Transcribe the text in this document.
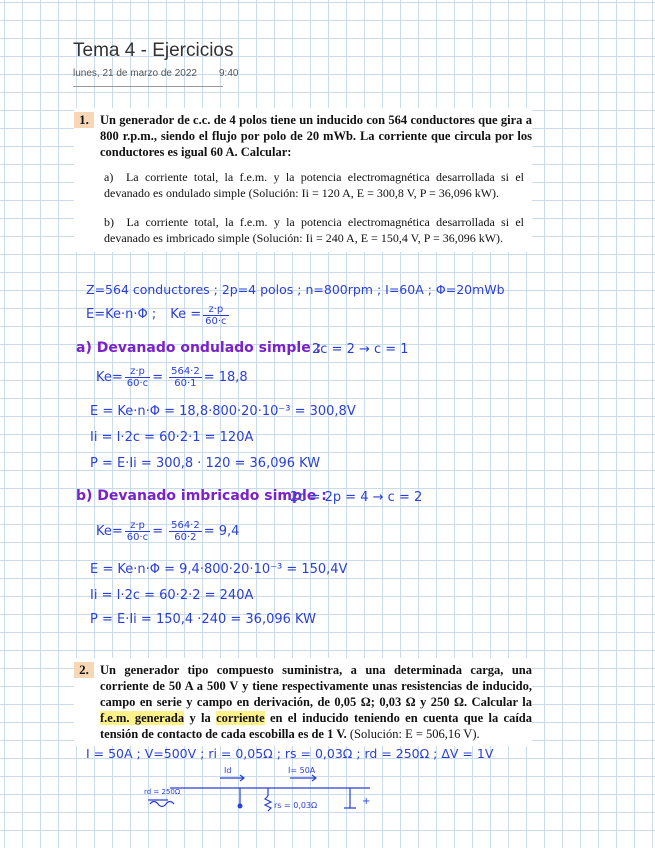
Tema 4 - Ejercicios
lunes, 21 de marzo de 2022 9:40
1. Un generador de c.c. de 4 polos tiene un inducido con 564 conductores que gira a 800 r.p.m., siendo el flujo por polo de 20 mWb. La corriente que circula por los conductores es igual 60 A. Calcular:
a)  La corriente total, la f.e.m. y la potencia electromagnética desarrollada si el devanado es ondulado simple (Solución: Ii = 120 A, E = 300,8 V, P = 36,096 kW).
b)  La corriente total, la f.e.m. y la potencia electromagnética desarrollada si el devanado es imbricado simple (Solución: Ii = 240 A, E = 150,4 V, P = 36,096 kW).
Z=564 conductores ; 2p=4 polos ; n=800rpm ; I=60A ; Φ=20mWb
E=Ke·n·Φ ; $Ke = \frac{z\cdot p}{60\cdot c}$
a) Devanado ondulado simple :
2c = 2 → c = 1
$Ke= \frac{z\cdot p}{60\cdot c} = \frac{564\cdot 2}{60\cdot 1} = 18,8$
E = Ke·n·Φ = 18,8·800·20·10⁻³ = 300,8V
Ii = I·2c = 60·2·1 = 120A
P = E·Ii = 300,8 · 120 = 36,096 KW
b) Devanado imbricado simple :
2c = 2p = 4 → c = 2
$Ke= \frac{z\cdot p}{60\cdot c} = \frac{564\cdot 2}{60\cdot 2} = 9,4$
E = Ke·n·Φ = 9,4·800·20·10⁻³ = 150,4V
Ii = I·2c = 60·2·2 = 240A
P = E·Ii = 150,4 ·240 = 36,096 KW
2. Un generador tipo compuesto suministra, a una determinada carga, una corriente de 50 A a 500 V y tiene respectivamente unas resistencias de inducido, campo en serie y campo en derivación, de 0,05 Ω; 0,03 Ω y 250 Ω. Calcular la f.e.m. generada y la corriente en el inducido teniendo en cuenta que la caída tensión de contacto de cada escobilla es de 1 V. (Solución: E = 506,16 V).
I = 50A ; V=500V ; ri = 0,05Ω ; rs = 0,03Ω ; rd = 250Ω ; ΔV = 1V
rd = 250Ω
Id	I= 50A
rs = 0,03Ω	+
